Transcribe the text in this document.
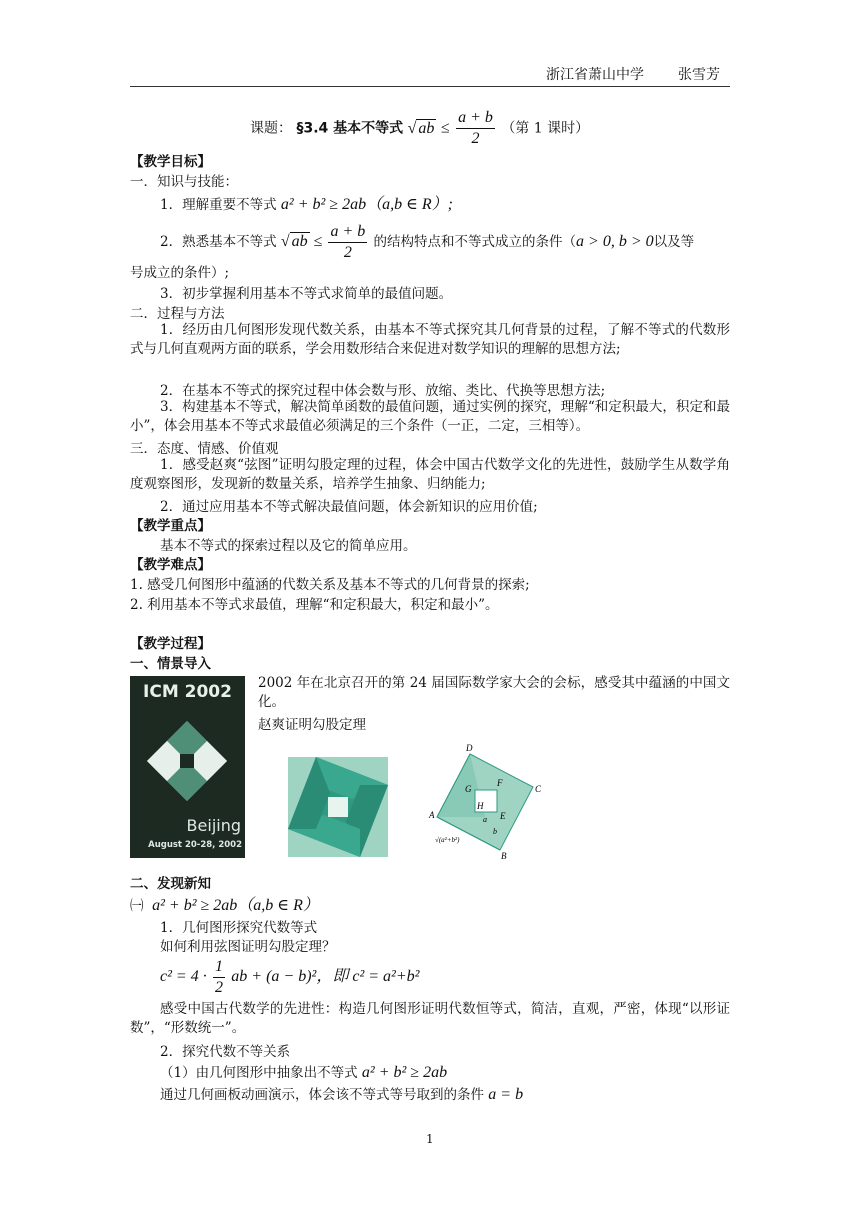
浙江省萧山中学 张雪芳
课题： §3.4 基本不等式 √ ab ≤ $\frac{a + b}{2}$ （第 1 课时）
【教学目标】
一．知识与技能：
1．理解重要不等式 a² + b² ≥ 2ab（a,b ∈ R）;
2．熟悉基本不等式 √ ab ≤ $\frac{a + b}{2}$ 的结构特点和不等式成立的条件（a > 0, b > 0以及等
号成立的条件）;
3．初步掌握利用基本不等式求简单的最值问题。
二．过程与方法
1．经历由几何图形发现代数关系，由基本不等式探究其几何背景的过程，了解不等式的代数形式与几何直观两方面的联系，学会用数形结合来促进对数学知识的理解的思想方法;
2．在基本不等式的探究过程中体会数与形、放缩、类比、代换等思想方法;
3．构建基本不等式，解决简单函数的最值问题，通过实例的探究，理解“和定积最大，积定和最小”，体会用基本不等式求最值必须满足的三个条件（一正，二定，三相等）。
三．态度、情感、价值观
1．感受赵爽“弦图”证明勾股定理的过程，体会中国古代数学文化的先进性，鼓励学生从数学角度观察图形，发现新的数量关系，培养学生抽象、归纳能力;
2．通过应用基本不等式解决最值问题，体会新知识的应用价值;
【教学重点】
基本不等式的探索过程以及它的简单应用。
【教学难点】
1. 感受几何图形中蕴涵的代数关系及基本不等式的几何背景的探索;
2. 利用基本不等式求最值，理解“和定积最大，积定和最小”。
【教学过程】
一、情景导入
ICM 2002
Beijing
August 20-28, 2002
2002 年在北京召开的第 24 届国际数学家大会的会标，感受其中蕴涵的中国文化。
赵爽证明勾股定理
D
F
C
G
H
E
A	a
b
B
√(a²+b²)
二、发现新知
㈠ a² + b² ≥ 2ab（a,b ∈ R）
1．几何图形探究代数等式
如何利用弦图证明勾股定理？
$c^2 = 4 \cdot \frac{1}{2}$ ab + (a − b)²，即 c² = a²+b²
感受中国古代数学的先进性：构造几何图形证明代数恒等式，简洁，直观，严密，体现“以形证数”，“形数统一”。
2．探究代数不等关系
（1）由几何图形中抽象出不等式 a² + b² ≥ 2ab
通过几何画板动画演示，体会该不等式等号取到的条件 a = b
1
